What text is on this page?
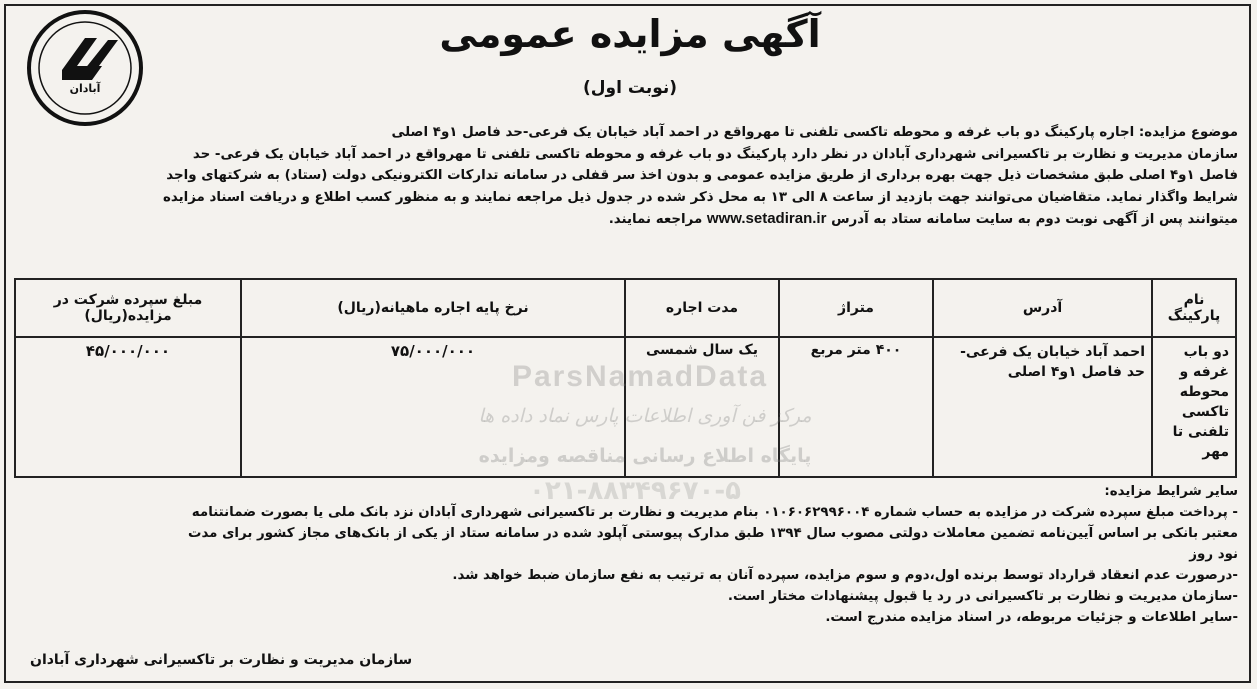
آبادان
آگهی مزایده عمومی
(نوبت اول)

موضوع مزایده: اجاره پارکینگ دو باب غرفه و محوطه تاکسی تلفنی تا مهرواقع در احمد آباد خیابان یک فرعی-حد فاصل ۱و۴ اصلی

سازمان مدیریت و نظارت بر تاکسیرانی شهرداری آبادان در نظر دارد پارکینگ دو باب غرفه و محوطه تاکسی تلفنی تا مهرواقع در احمد آباد خیابان یک فرعی- حد

فاصل ۱و۴ اصلی طبق مشخصات ذیل جهت بهره برداری از طریق مزایده عمومی و بدون اخذ سر قفلی در سامانه تدارکات الکترونیکی دولت (ستاد) به شرکتهای واجد

شرایط واگذار نماید. متقاضیان می‌توانند جهت بازدید از ساعت ۸ الی ۱۳ به محل ذکر شده در جدول ذیل مراجعه نمایند و به منظور کسب اطلاع و دریافت اسناد مزایده

میتوانند پس از آگهی نوبت دوم به سایت سامانه ستاد به آدرس www.setadiran.ir مراجعه نمایند.

نام پارکینگ	آدرس	متراژ	مدت اجاره	نرخ پایه اجاره ماهیانه(ریال)	مبلغ سپرده شرکت در مزایده(ریال)
دو باب غرفه و محوطه تاکسی تلفنی تا مهر	احمد آباد خیابان یک فرعی- حد فاصل ۱و۴ اصلی	۴۰۰ متر مربع	یک سال شمسی	۷۵/۰۰۰/۰۰۰	۴۵/۰۰۰/۰۰۰
ParsNamadData
مرکز فن آوری اطلاعات پارس نماد داده ها
پایگاه اطلاع رسانی مناقصه ومزایده
۰۲۱-۸۸۳۴۹۶۷۰-۵	سایر شرایط مزایده:

- پرداخت مبلغ سپرده شرکت در مزایده به حساب شماره ۰۱۰۶۰۶۲۹۹۶۰۰۴ بنام مدیریت و نظارت بر تاکسیرانی شهرداری آبادان نزد بانک ملی یا بصورت ضمانتنامه

معتبر بانکی بر اساس آیین‌نامه تضمین معاملات دولتی مصوب سال ۱۳۹۴ طبق مدارک پیوستی آپلود شده در سامانه ستاد از یکی از بانک‌های مجاز کشور برای مدت

نود روز

-درصورت عدم انعقاد قرارداد توسط برنده اول،دوم و سوم مزایده، سپرده آنان به ترتیب به نفع سازمان ضبط خواهد شد.

-سازمان مدیریت و نظارت بر تاکسیرانی در رد یا قبول پیشنهادات مختار است.

-سایر اطلاعات و جزئیات مربوطه، در اسناد مزایده مندرج است.

سازمان مدیریت و نظارت بر تاکسیرانی شهرداری آبادان
